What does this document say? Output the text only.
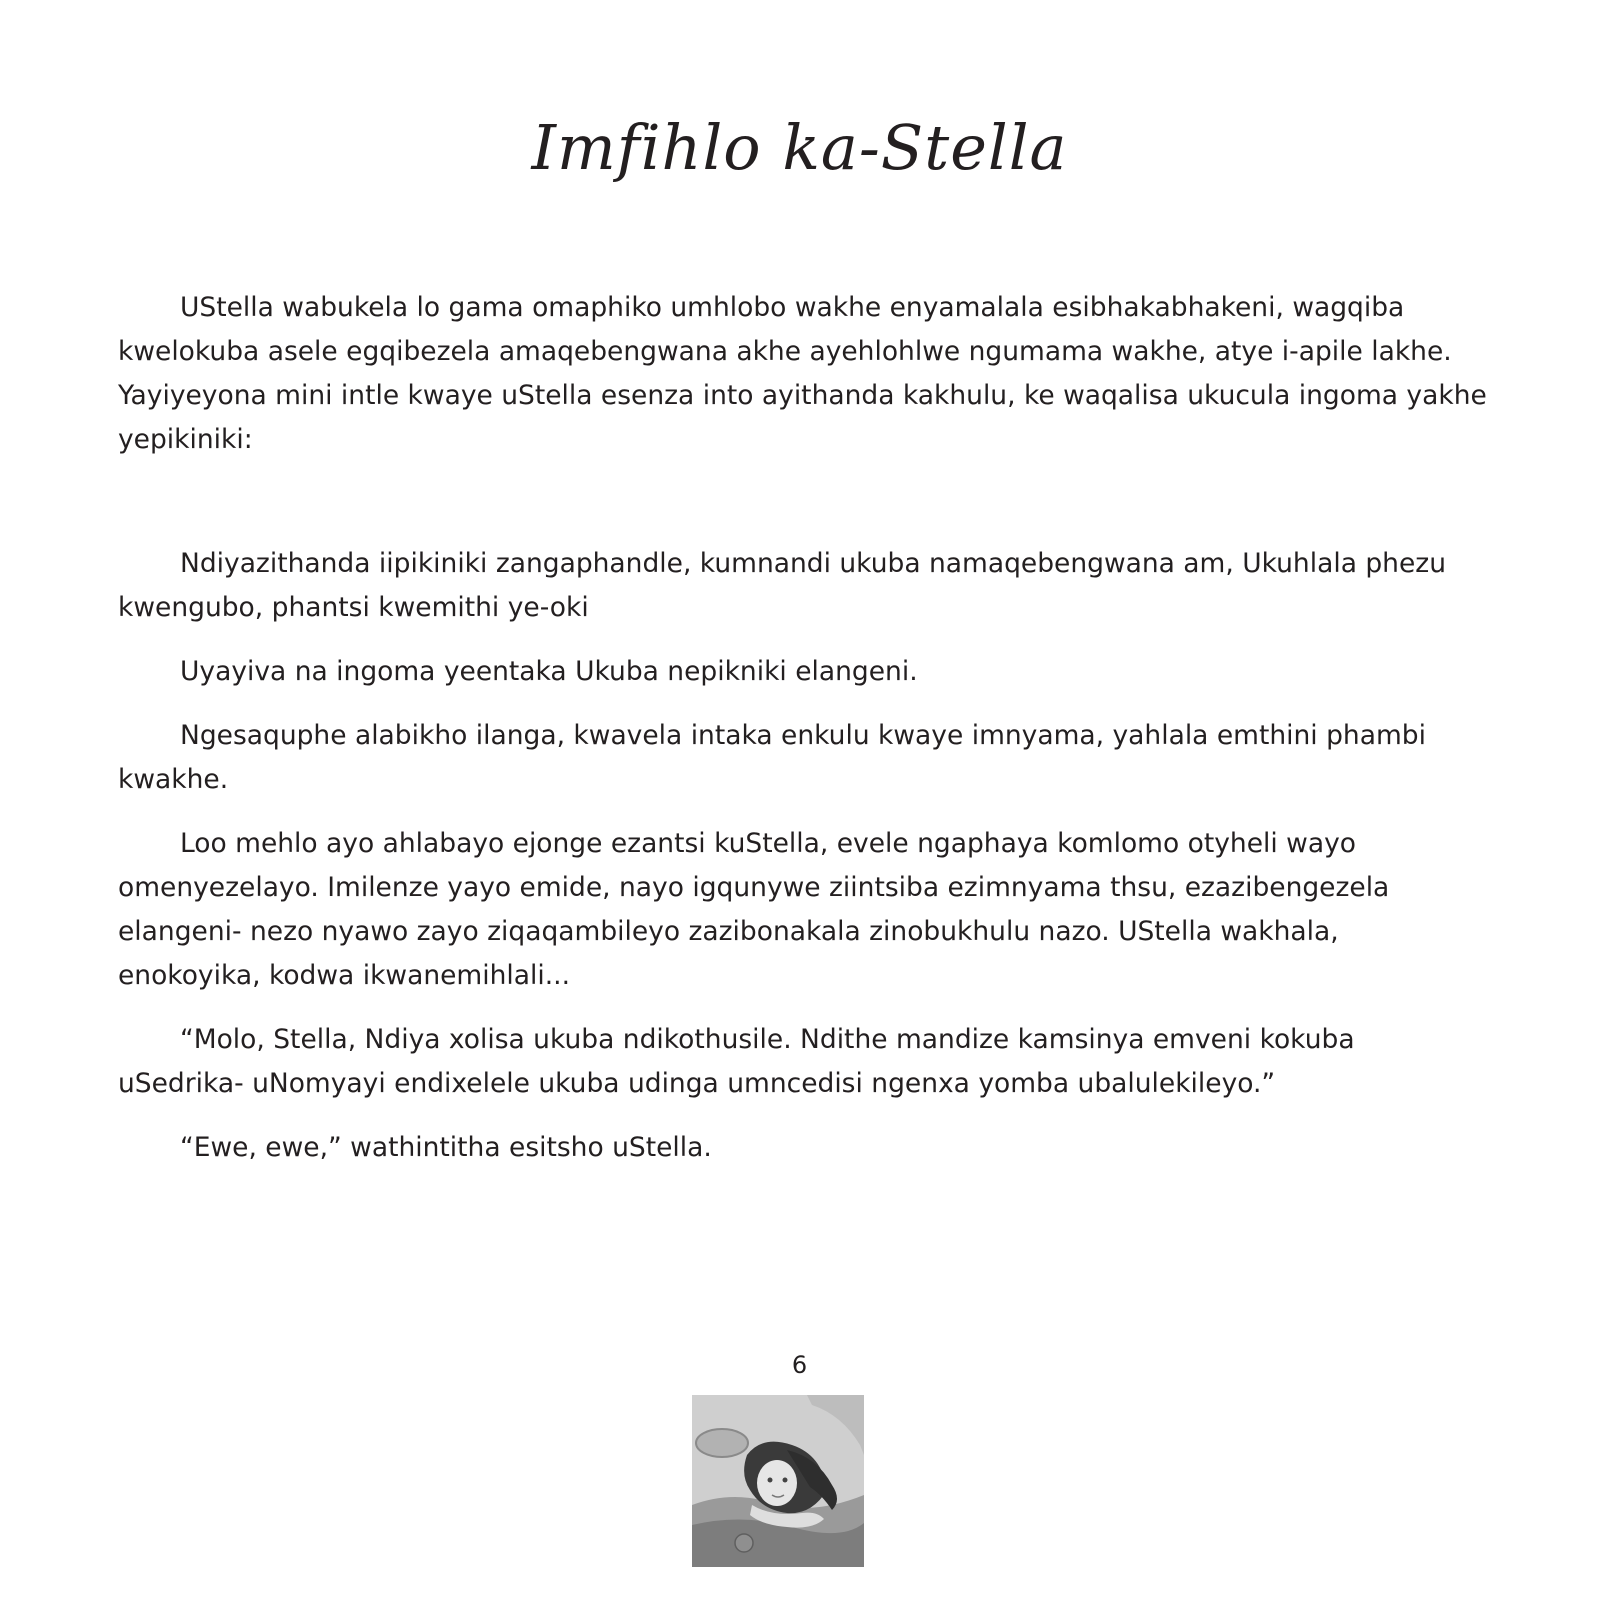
Imfihlo ka-Stella

UStella wabukela lo gama omaphiko umhlobo wakhe enyamalala esibhakabhakeni, wagqiba kwelokuba asele egqibezela amaqebengwana akhe ayehlohlwe ngumama wakhe, atye i-apile lakhe. Yayiyeyona mini intle kwaye uStella esenza into ayithanda kakhulu, ke waqalisa ukucula ingoma yakhe yepikiniki:

Ndiyazithanda iipikiniki zangaphandle, kumnandi ukuba namaqebengwana am, Ukuhlala phezu kwengubo, phantsi kwemithi ye-oki

Uyayiva na ingoma yeentaka Ukuba nepikniki elangeni.

Ngesaquphe alabikho ilanga, kwavela intaka enkulu kwaye imnyama, yahlala emthini phambi kwakhe.

Loo mehlo ayo ahlabayo ejonge ezantsi kuStella, evele ngaphaya komlomo otyheli wayo omenyezelayo. Imilenze yayo emide, nayo igqunywe ziintsiba ezimnyama thsu, ezazibengezela elangeni- nezo nyawo zayo ziqaqambileyo zazibonakala zinobukhulu nazo. UStella wakhala, enokoyika, kodwa ikwanemihlali...

“Molo, Stella, Ndiya xolisa ukuba ndikothusile. Ndithe mandize kamsinya emveni kokuba uSedrika- uNomyayi endixelele ukuba udinga umncedisi ngenxa yomba ubalulekileyo.”

“Ewe, ewe,” wathintitha esitsho uStella.

6
